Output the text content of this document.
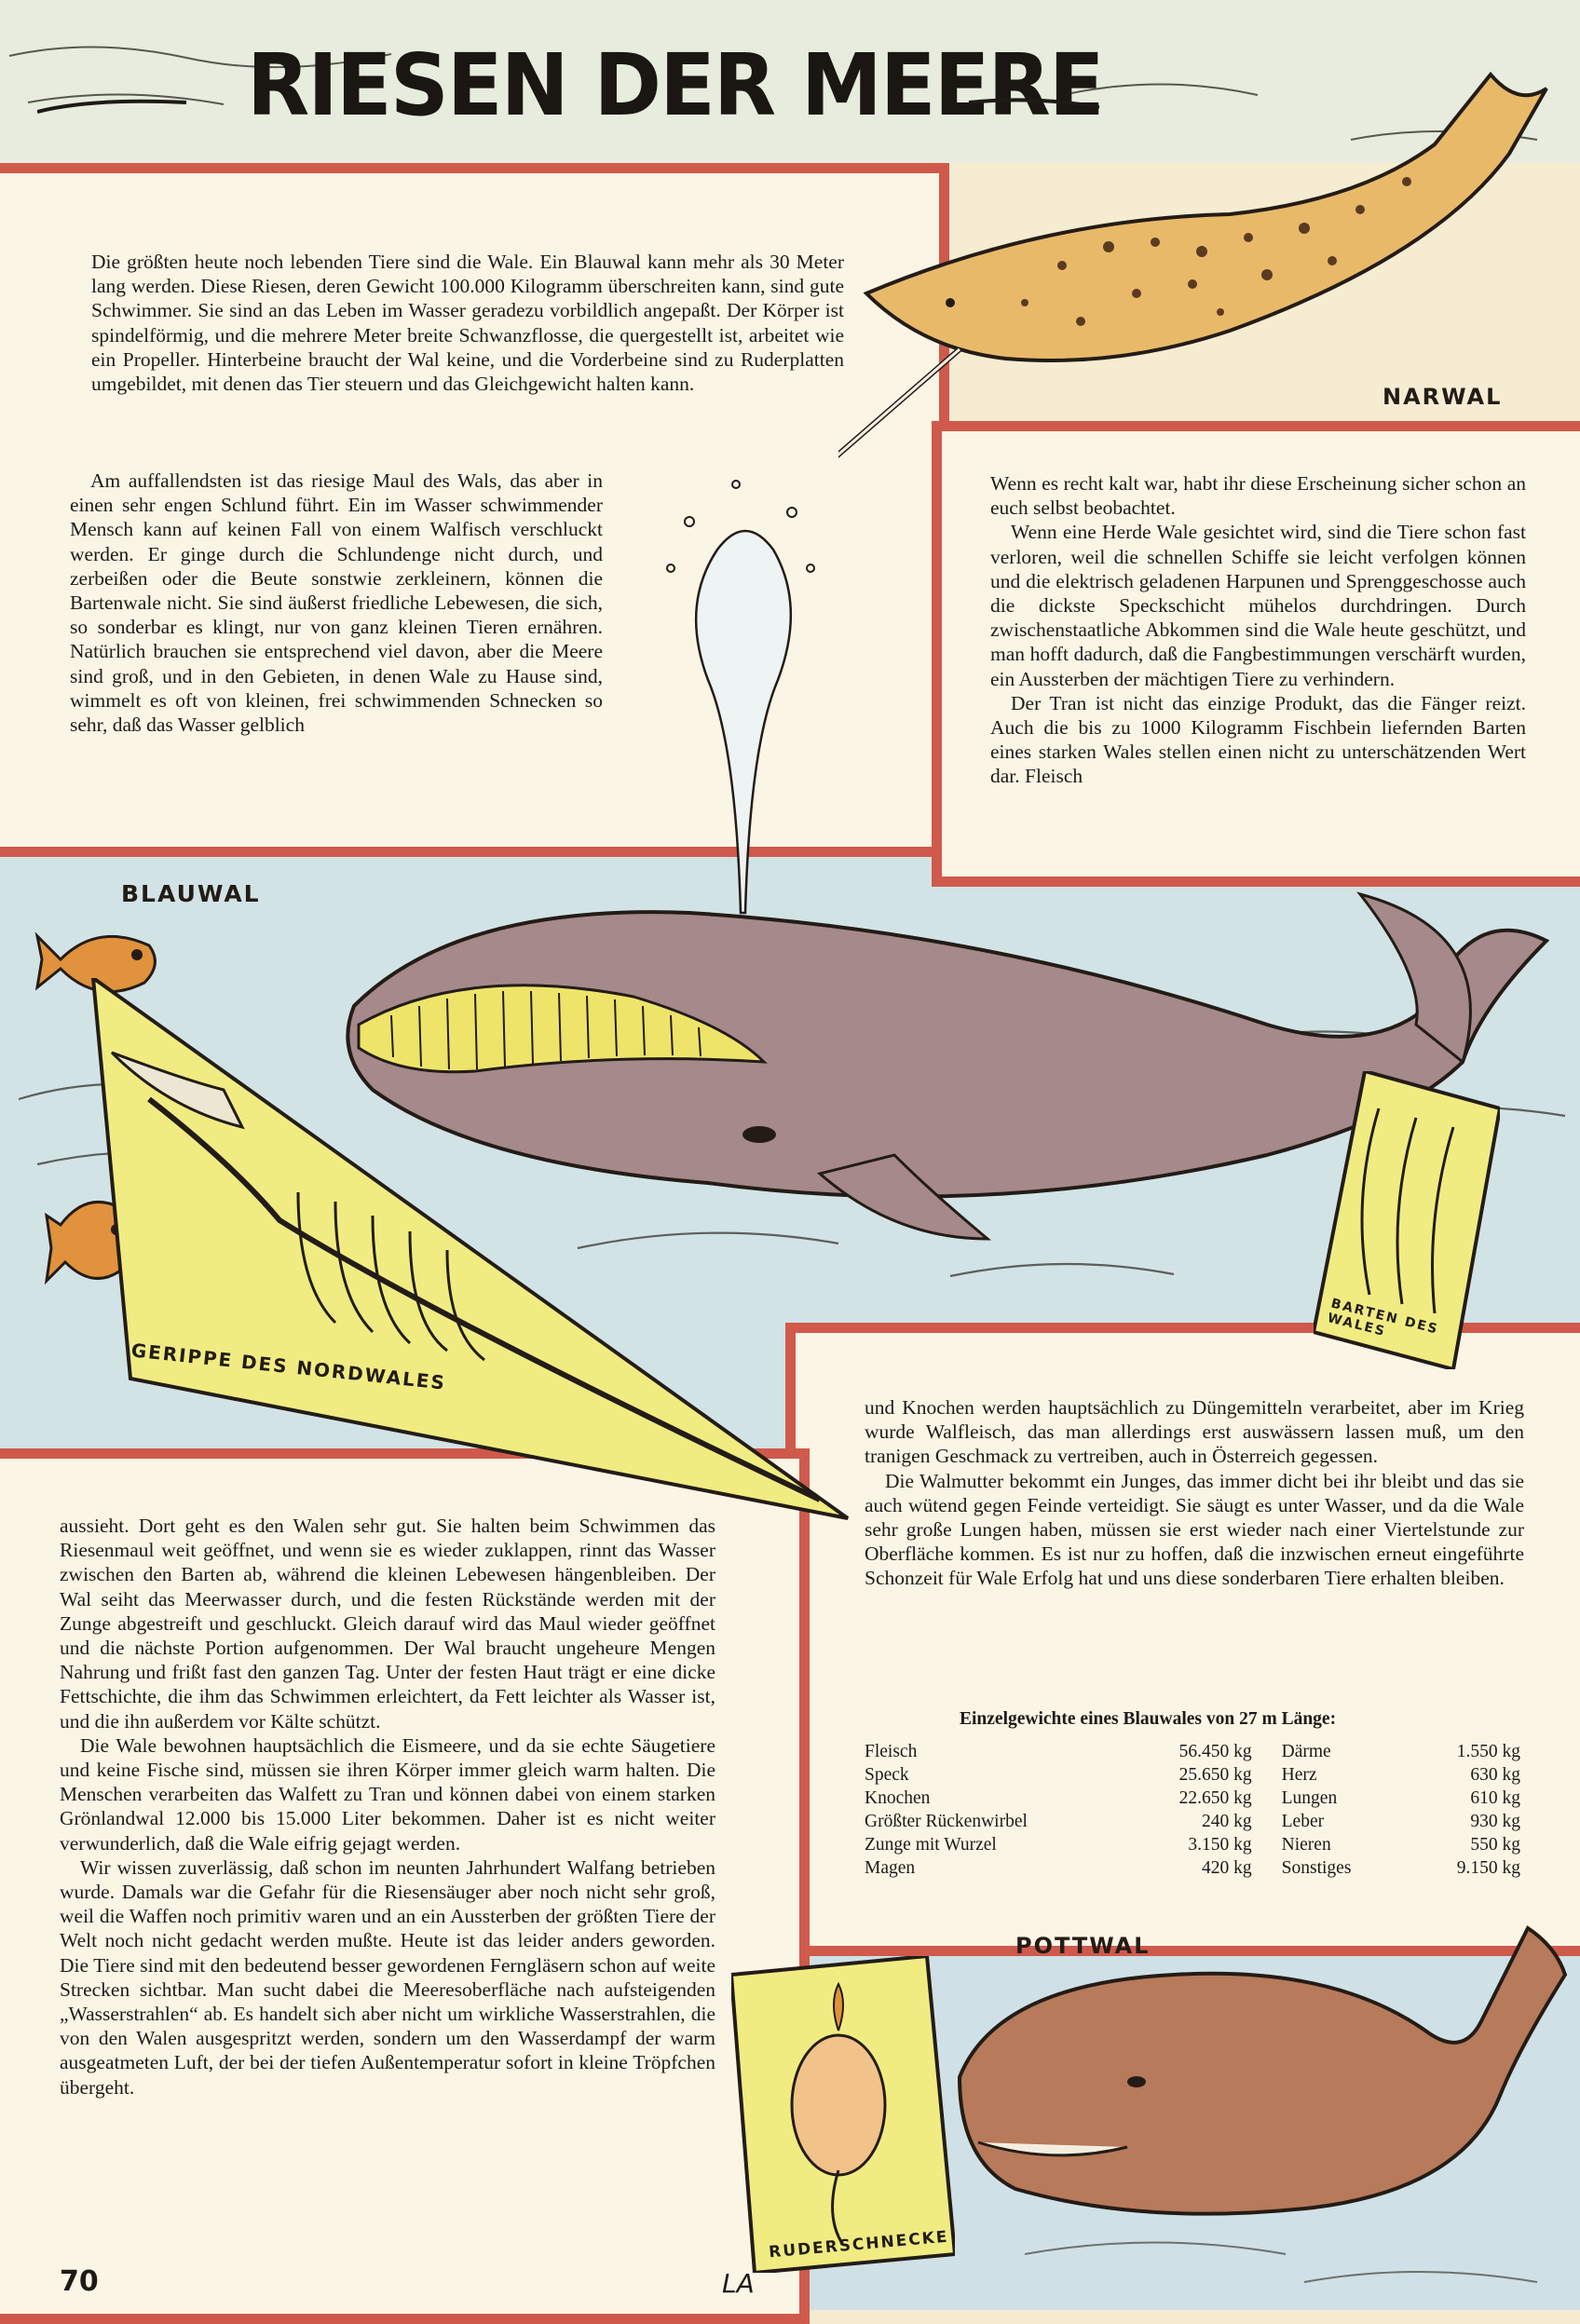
RIESEN DER MEERE
NARWAL
BLAUWAL
GERIPPE DES NORDWALES
BARTEN DES WALES
POTTWAL
RUDERSCHNECKE

Die größten heute noch lebenden Tiere sind die Wale. Ein Blauwal kann mehr als 30 Meter lang werden. Diese Riesen, deren Gewicht 100.000 Kilogramm überschreiten kann, sind gute Schwimmer. Sie sind an das Leben im Wasser geradezu vorbildlich angepaßt. Der Körper ist spindelförmig, und die mehrere Meter breite Schwanzflosse, die quergestellt ist, arbeitet wie ein Propeller. Hinterbeine braucht der Wal keine, und die Vorderbeine sind zu Ruderplatten umgebildet, mit denen das Tier steuern und das Gleichgewicht halten kann.

Am auffallendsten ist das riesige Maul des Wals, das aber in einen sehr engen Schlund führt. Ein im Wasser schwimmender Mensch kann auf keinen Fall von einem Walfisch verschluckt werden. Er ginge durch die Schlundenge nicht durch, und zerbeißen oder die Beute sonstwie zerkleinern, können die Bartenwale nicht. Sie sind äußerst friedliche Lebewesen, die sich, so sonderbar es klingt, nur von ganz kleinen Tieren ernähren. Natürlich brauchen sie entsprechend viel davon, aber die Meere sind groß, und in den Gebieten, in denen Wale zu Hause sind, wimmelt es oft von kleinen, frei schwimmenden Schnecken so sehr, daß das Wasser gelblich

Wenn es recht kalt war, habt ihr diese Erscheinung sicher schon an euch selbst beobachtet.

Wenn eine Herde Wale gesichtet wird, sind die Tiere schon fast verloren, weil die schnellen Schiffe sie leicht verfolgen können und die elektrisch geladenen Harpunen und Sprenggeschosse auch die dickste Speckschicht mühelos durchdringen. Durch zwischenstaatliche Abkommen sind die Wale heute geschützt, und man hofft dadurch, daß die Fangbestimmungen verschärft wurden, ein Aussterben der mächtigen Tiere zu verhindern.

Der Tran ist nicht das einzige Produkt, das die Fänger reizt. Auch die bis zu 1000 Kilogramm Fischbein liefernden Barten eines starken Wales stellen einen nicht zu unterschätzenden Wert dar. Fleisch

und Knochen werden hauptsächlich zu Düngemitteln verarbeitet, aber im Krieg wurde Walfleisch, das man allerdings erst auswässern lassen muß, um den tranigen Geschmack zu vertreiben, auch in Österreich gegessen.

Die Walmutter bekommt ein Junges, das immer dicht bei ihr bleibt und das sie auch wütend gegen Feinde verteidigt. Sie säugt es unter Wasser, und da die Wale sehr große Lungen haben, müssen sie erst wieder nach einer Viertelstunde zur Oberfläche kommen. Es ist nur zu hoffen, daß die inzwischen erneut eingeführte Schonzeit für Wale Erfolg hat und uns diese sonderbaren Tiere erhalten bleiben.

aussieht. Dort geht es den Walen sehr gut. Sie halten beim Schwimmen das Riesenmaul weit geöffnet, und wenn sie es wieder zuklappen, rinnt das Wasser zwischen den Barten ab, während die kleinen Lebewesen hängenbleiben. Der Wal seiht das Meerwasser durch, und die festen Rückstände werden mit der Zunge abgestreift und geschluckt. Gleich darauf wird das Maul wieder geöffnet und die nächste Portion aufgenommen. Der Wal braucht ungeheure Mengen Nahrung und frißt fast den ganzen Tag. Unter der festen Haut trägt er eine dicke Fettschichte, die ihm das Schwimmen erleichtert, da Fett leichter als Wasser ist, und die ihn außerdem vor Kälte schützt.

Die Wale bewohnen hauptsächlich die Eismeere, und da sie echte Säugetiere und keine Fische sind, müssen sie ihren Körper immer gleich warm halten. Die Menschen verarbeiten das Walfett zu Tran und können dabei von einem starken Grönlandwal 12.000 bis 15.000 Liter bekommen. Daher ist es nicht weiter verwunderlich, daß die Wale eifrig gejagt werden.

Wir wissen zuverlässig, daß schon im neunten Jahrhundert Walfang betrieben wurde. Damals war die Gefahr für die Riesensäuger aber noch nicht sehr groß, weil die Waffen noch primitiv waren und an ein Aussterben der größten Tiere der Welt noch nicht gedacht werden mußte. Heute ist das leider anders geworden. Die Tiere sind mit den bedeutend besser gewordenen Ferngläsern schon auf weite Strecken sichtbar. Man sucht dabei die Meeresoberfläche nach aufsteigenden „Wasserstrahlen“ ab. Es handelt sich aber nicht um wirkliche Wasserstrahlen, die von den Walen ausgespritzt werden, sondern um den Wasserdampf der warm ausgeatmeten Luft, der bei der tiefen Außentemperatur sofort in kleine Tröpfchen übergeht.

Einzelgewichte eines Blauwales von 27 m Länge:
Fleisch	56.450 kg	Därme	1.550 kg
Speck	25.650 kg	Herz	630 kg
Knochen	22.650 kg	Lungen	610 kg
Größter Rückenwirbel	240 kg	Leber	930 kg
Zunge mit Wurzel	3.150 kg	Nieren	550 kg
Magen	420 kg	Sonstiges	9.150 kg
70	LA
